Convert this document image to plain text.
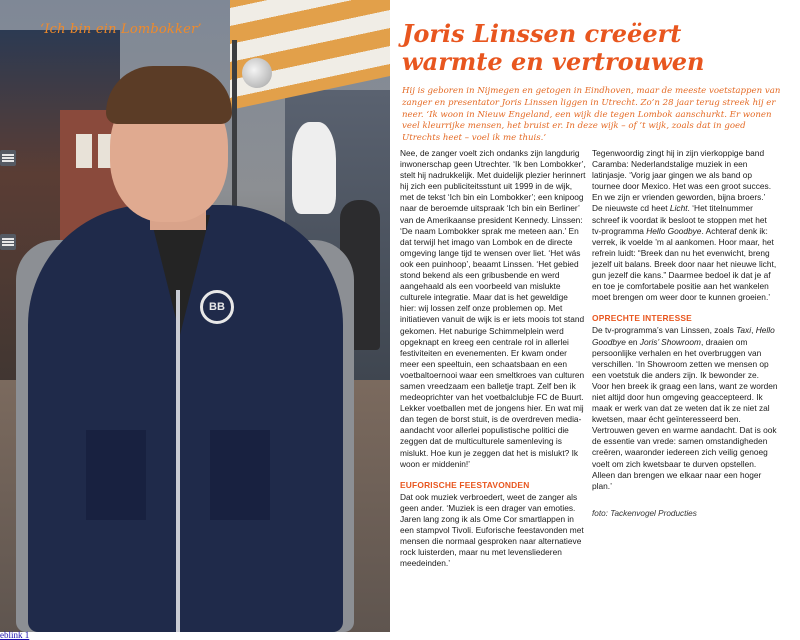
BB
‘Ich bin ein Lombokker’	Joris Linssen creëert warmte en vertrouwen

Hij is geboren in Nijmegen en getogen in Eindhoven, maar de meeste voetstappen van zanger en presentator Joris Linssen liggen in Utrecht. Zo’n 28 jaar terug streek hij er neer. ‘Ik woon in Nieuw Engeland, een wijk die tegen Lombok aanschurkt. Er wonen veel kleurrijke mensen, het bruist er. In deze wijk – of ’t wijk, zoals dat in goed Utrechts heet – voel ik me thuis.’

Nee, de zanger voelt zich ondanks zijn langdurig inwonerschap geen Utrechter. ‘Ik ben Lombokker’, stelt hij nadrukkelijk. Met duidelijk plezier herinnert hij zich een publiciteitsstunt uit 1999 in de wijk, met de tekst ‘Ich bin ein Lombokker’; een knipoog naar de beroemde uitspraak ‘Ich bin ein Berliner’ van de Amerikaanse president Kennedy. Linssen: ‘De naam Lombokker sprak me meteen aan.’ En dat terwijl het imago van Lombok en de directe omgeving lange tijd te wensen over liet. ‘Het wás ook een puinhoop’, beaamt Linssen. ‘Het gebied stond bekend als een gribusbende en werd aangehaald als een voorbeeld van mislukte culturele integratie. Maar dat is het geweldige hier: wij lossen zelf onze problemen op. Met initiatieven vanuit de wijk is er iets moois tot stand gekomen. Het naburige Schimmelplein werd opgeknapt en kreeg een centrale rol in allerlei festiviteiten en evenementen. Er kwam onder meer een speeltuin, een schaatsbaan en een voetbaltoernooi waar een smeltkroes van culturen samen vreedzaam een balletje trapt. Zelf ben ik medeoprichter van het voetbalclubje FC de Buurt. Lekker voetballen met de jongens hier. En wat mij dan tegen de borst stuit, is de overdreven media-aandacht voor allerlei populistische politici die zeggen dat de multiculturele samenleving is mislukt. Hoe kun je zeggen dat het is mislukt? Ik woon er middenin!’

EUFORISCHE FEESTAVONDEN

Dat ook muziek verbroedert, weet de zanger als geen ander. ‘Muziek is een drager van emoties. Jaren lang zong ik als Ome Cor smartlappen in een stampvol Tivoli. Euforische feestavonden met mensen die normaal gesproken naar alternatieve rock luisterden, maar nu met levensliederen meedeinden.’

Tegenwoordig zingt hij in zijn vierkoppige band Caramba: Nederlandstalige muziek in een latinjasje. ‘Vorig jaar gingen we als band op tournee door Mexico. Het was een groot succes. En we zijn er vrienden geworden, bijna broers.’ De nieuwste cd heet Licht. ‘Het titelnummer schreef ik voordat ik besloot te stoppen met het tv-programma Hello Goodbye. Achteraf denk ik: verrek, ik voelde ’m al aankomen. Hoor maar, het refrein luidt: “Breek dan nu het evenwicht, breng jezelf uit balans. Breek door naar het nieuwe licht, gun jezelf die kans.” Daarmee bedoel ik dat je af en toe je comfortabele positie aan het wankelen moet brengen om weer door te kunnen groeien.’

OPRECHTE INTERESSE

De tv-programma’s van Linssen, zoals Taxi, Hello Goodbye en Joris’ Showroom, draaien om persoonlijke verhalen en het overbruggen van verschillen. ‘In Showroom zetten we mensen op een voetstuk die anders zijn. Ik bewonder ze. Voor hen breek ik graag een lans, want ze worden niet altijd door hun omgeving geaccepteerd. Ik maak er werk van dat ze weten dat ik ze niet zal kwetsen, maar écht geïnteresseerd ben. Vertrouwen geven en warme aandacht. Dat is ook de essentie van vrede: samen omstandigheden creëren, waaronder iedereen zich veilig genoeg voelt om zich kwetsbaar te durven opstellen. Alleen dan brengen we elkaar naar een hoger plan.’

foto: Tackenvogel Producties

eblink 1
